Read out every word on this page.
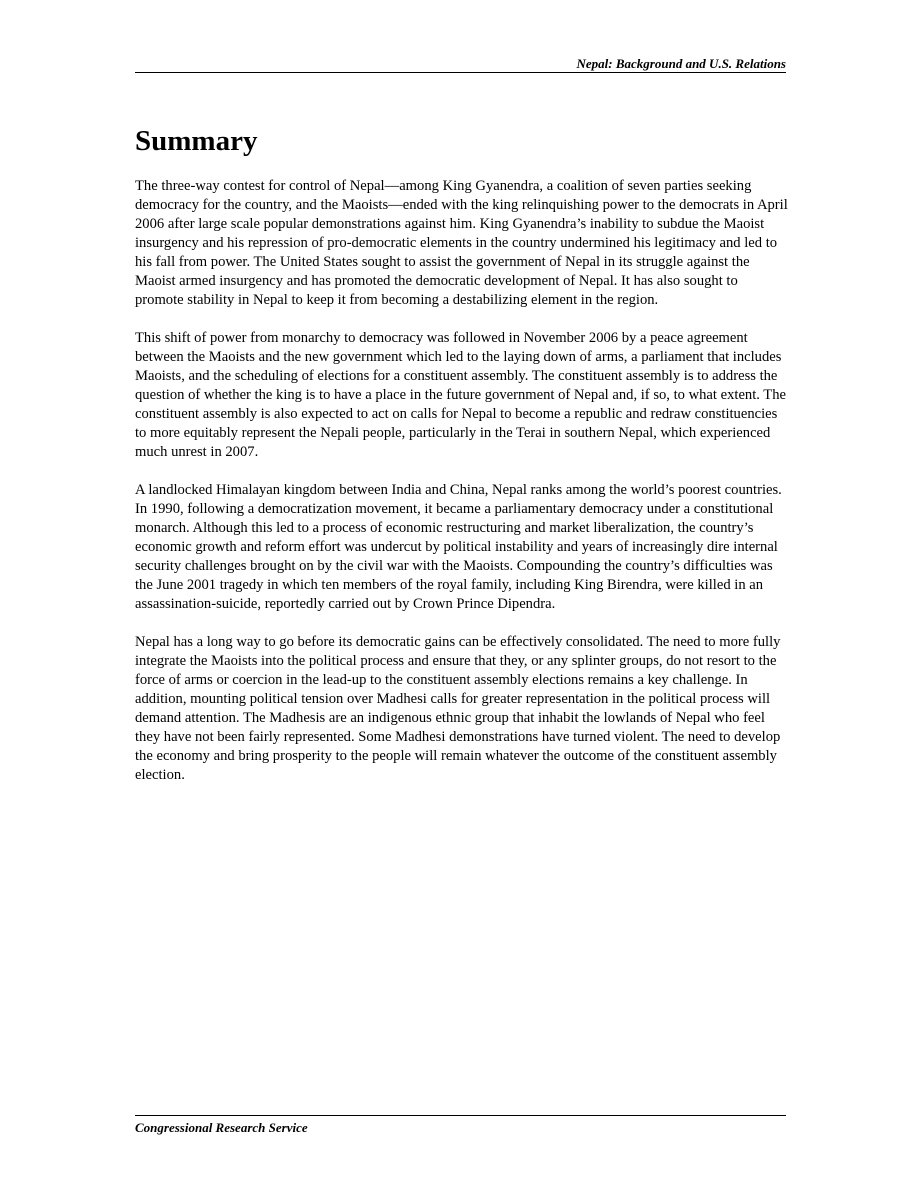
Nepal: Background and U.S. Relations
Summary

The three-way contest for control of Nepal—among King Gyanendra, a coalition of seven parties seeking democracy for the country, and the Maoists—ended with the king relinquishing power to the democrats in April 2006 after large scale popular demonstrations against him. King Gyanendra’s inability to subdue the Maoist insurgency and his repression of pro-democratic elements in the country undermined his legitimacy and led to his fall from power. The United States sought to assist the government of Nepal in its struggle against the Maoist armed insurgency and has promoted the democratic development of Nepal. It has also sought to promote stability in Nepal to keep it from becoming a destabilizing element in the region.

This shift of power from monarchy to democracy was followed in November 2006 by a peace agreement between the Maoists and the new government which led to the laying down of arms, a parliament that includes Maoists, and the scheduling of elections for a constituent assembly. The constituent assembly is to address the question of whether the king is to have a place in the future government of Nepal and, if so, to what extent. The constituent assembly is also expected to act on calls for Nepal to become a republic and redraw constituencies to more equitably represent the Nepali people, particularly in the Terai in southern Nepal, which experienced much unrest in 2007.

A landlocked Himalayan kingdom between India and China, Nepal ranks among the world’s poorest countries. In 1990, following a democratization movement, it became a parliamentary democracy under a constitutional monarch. Although this led to a process of economic restructuring and market liberalization, the country’s economic growth and reform effort was undercut by political instability and years of increasingly dire internal security challenges brought on by the civil war with the Maoists. Compounding the country’s difficulties was the June 2001 tragedy in which ten members of the royal family, including King Birendra, were killed in an assassination-suicide, reportedly carried out by Crown Prince Dipendra.

Nepal has a long way to go before its democratic gains can be effectively consolidated. The need to more fully integrate the Maoists into the political process and ensure that they, or any splinter groups, do not resort to the force of arms or coercion in the lead-up to the constituent assembly elections remains a key challenge. In addition, mounting political tension over Madhesi calls for greater representation in the political process will demand attention. The Madhesis are an indigenous ethnic group that inhabit the lowlands of Nepal who feel they have not been fairly represented. Some Madhesi demonstrations have turned violent. The need to develop the economy and bring prosperity to the people will remain whatever the outcome of the constituent assembly election.

Congressional Research Service
